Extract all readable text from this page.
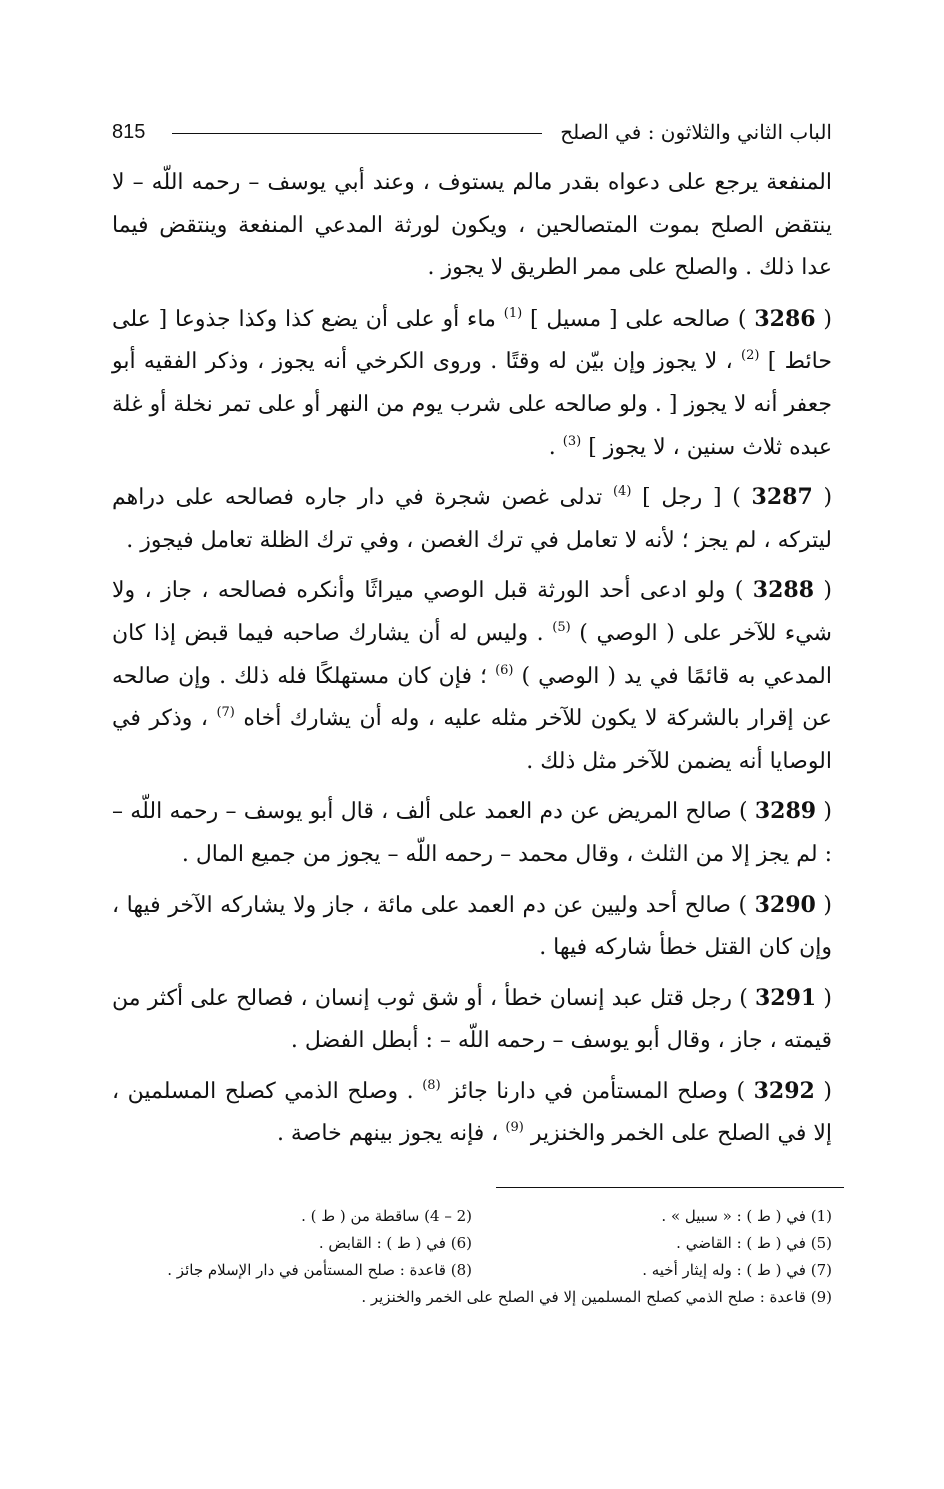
الباب الثاني والثلاثون : في الصلح
815

المنفعة يرجع على دعواه بقدر مالم يستوف ، وعند أبي يوسف – رحمه اللّه – لا ينتقض الصلح بموت المتصالحين ، ويكون لورثة المدعي المنفعة وينتقض فيما عدا ذلك . والصلح على ممر الطريق لا يجوز .

( 3286 ) صالحه على [ مسيل ] $^{(1)}$ ماء أو على أن يضع كذا وكذا جذوعا [ على حائط ] $^{(2)}$ ، لا يجوز وإن بيّن له وقتًا . وروى الكرخي أنه يجوز ، وذكر الفقيه أبو جعفر أنه لا يجوز [ . ولو صالحه على شرب يوم من النهر أو على تمر نخلة أو غلة عبده ثلاث سنين ، لا يجوز ] $^{(3)}$ .

( 3287 ) [ رجل ] $^{(4)}$ تدلى غصن شجرة في دار جاره فصالحه على دراهم ليتركه ، لم يجز ؛ لأنه لا تعامل في ترك الغصن ، وفي ترك الظلة تعامل فيجوز .

( 3288 ) ولو ادعى أحد الورثة قبل الوصي ميراثًا وأنكره فصالحه ، جاز ، ولا شيء للآخر على ( الوصي ) $^{(5)}$ . وليس له أن يشارك صاحبه فيما قبض إذا كان المدعي به قائمًا في يد ( الوصي ) $^{(6)}$ ؛ فإن كان مستهلكًا فله ذلك . وإن صالحه عن إقرار بالشركة لا يكون للآخر مثله عليه ، وله أن يشارك أخاه $^{(7)}$ ، وذكر في الوصايا أنه يضمن للآخر مثل ذلك .

( 3289 ) صالح المريض عن دم العمد على ألف ، قال أبو يوسف – رحمه اللّه – : لم يجز إلا من الثلث ، وقال محمد – رحمه اللّه – يجوز من جميع المال .

( 3290 ) صالح أحد وليين عن دم العمد على مائة ، جاز ولا يشاركه الآخر فيها ، وإن كان القتل خطأ شاركه فيها .

( 3291 ) رجل قتل عبد إنسان خطأ ، أو شق ثوب إنسان ، فصالح على أكثر من قيمته ، جاز ، وقال أبو يوسف – رحمه اللّه – : أبطل الفضل .

( 3292 ) وصلح المستأمن في دارنا جائز $^{(8)}$ . وصلح الذمي كصلح المسلمين ، إلا في الصلح على الخمر والخنزير $^{(9)}$ ، فإنه يجوز بينهم خاصة .

(1) في ( ط ) : « سبيل » .
(2 – 4) ساقطة من ( ط ) .
(5) في ( ط ) : القاضي .
(6) في ( ط ) : القابض .
(7) في ( ط ) : وله إيثار أخيه .
(8) قاعدة : صلح المستأمن في دار الإسلام جائز .
(9) قاعدة : صلح الذمي كصلح المسلمين إلا في الصلح على الخمر والخنزير .
